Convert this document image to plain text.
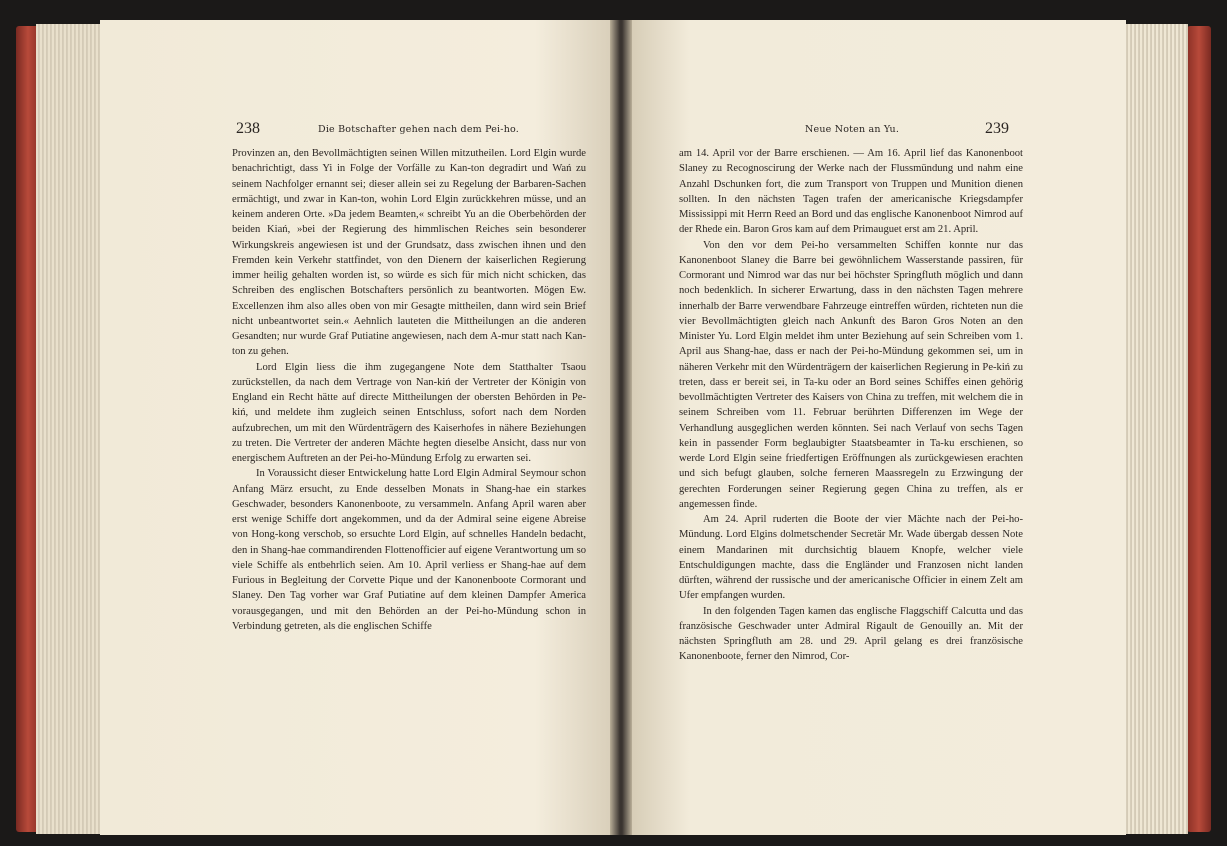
238	Die Botschafter gehen nach dem Pei-ho.	Neue Noten an Yu.	239

Provinzen an, den Bevollmächtigten seinen Willen mitzutheilen. Lord Elgin wurde benachrichtigt, dass Yi in Folge der Vorfälle zu Kan-ton degradirt und Wań zu seinem Nachfolger ernannt sei; dieser allein sei zu Regelung der Barbaren-Sachen ermächtigt, und zwar in Kan-ton, wohin Lord Elgin zurückkehren müsse, und an keinem anderen Orte. »Da jedem Beamten,« schreibt Yu an die Oberbehörden der beiden Kiań, »bei der Regierung des himmlischen Reiches sein besonderer Wirkungskreis angewiesen ist und der Grundsatz, dass zwischen ihnen und den Fremden kein Verkehr stattfindet, von den Dienern der kaiserlichen Regierung immer heilig gehalten worden ist, so würde es sich für mich nicht schicken, das Schreiben des englischen Botschafters persönlich zu beantworten. Mögen Ew. Excellenzen ihm also alles oben von mir Gesagte mittheilen, dann wird sein Brief nicht unbeantwortet sein.« Aehnlich lauteten die Mittheilungen an die anderen Gesandten; nur wurde Graf Putiatine angewiesen, nach dem A-mur statt nach Kan-ton zu gehen.

Lord Elgin liess die ihm zugegangene Note dem Statthalter Tsaou zurückstellen, da nach dem Vertrage von Nan-kiń der Vertreter der Königin von England ein Recht hätte auf directe Mittheilungen der obersten Behörden in Pe-kiń, und meldete ihm zugleich seinen Entschluss, sofort nach dem Norden aufzubrechen, um mit den Würdenträgern des Kaiserhofes in nähere Beziehungen zu treten. Die Vertreter der anderen Mächte hegten dieselbe Ansicht, dass nur von energischem Auftreten an der Pei-ho-Mündung Erfolg zu erwarten sei.

In Voraussicht dieser Entwickelung hatte Lord Elgin Admiral Seymour schon Anfang März ersucht, zu Ende desselben Monats in Shang-hae ein starkes Geschwader, besonders Kanonenboote, zu versammeln. Anfang April waren aber erst wenige Schiffe dort angekommen, und da der Admiral seine eigene Abreise von Hong-kong verschob, so ersuchte Lord Elgin, auf schnelles Handeln bedacht, den in Shang-hae commandirenden Flottenofficier auf eigene Verantwortung um so viele Schiffe als entbehrlich seien. Am 10. April verliess er Shang-hae auf dem Furious in Begleitung der Corvette Pique und der Kanonenboote Cormorant und Slaney. Den Tag vorher war Graf Putiatine auf dem kleinen Dampfer America vorausgegangen, und mit den Behörden an der Pei-ho-Mündung schon in Verbindung getreten, als die englischen Schiffe

am 14. April vor der Barre erschienen. — Am 16. April lief das Kanonenboot Slaney zu Recognoscirung der Werke nach der Flussmündung und nahm eine Anzahl Dschunken fort, die zum Transport von Truppen und Munition dienen sollten. In den nächsten Tagen trafen der americanische Kriegsdampfer Mississippi mit Herrn Reed an Bord und das englische Kanonenboot Nimrod auf der Rhede ein. Baron Gros kam auf dem Primauguet erst am 21. April.

Von den vor dem Pei-ho versammelten Schiffen konnte nur das Kanonenboot Slaney die Barre bei gewöhnlichem Wasserstande passiren, für Cormorant und Nimrod war das nur bei höchster Springfluth möglich und dann noch bedenklich. In sicherer Erwartung, dass in den nächsten Tagen mehrere innerhalb der Barre verwendbare Fahrzeuge eintreffen würden, richteten nun die vier Bevollmächtigten gleich nach Ankunft des Baron Gros Noten an den Minister Yu. Lord Elgin meldet ihm unter Beziehung auf sein Schreiben vom 1. April aus Shang-hae, dass er nach der Pei-ho-Mündung gekommen sei, um in näheren Verkehr mit den Würdenträgern der kaiserlichen Regierung in Pe-kiń zu treten, dass er bereit sei, in Ta-ku oder an Bord seines Schiffes einen gehörig bevollmächtigten Vertreter des Kaisers von China zu treffen, mit welchem die in seinem Schreiben vom 11. Februar berührten Differenzen im Wege der Verhandlung ausgeglichen werden könnten. Sei nach Verlauf von sechs Tagen kein in passender Form beglaubigter Staatsbeamter in Ta-ku erschienen, so werde Lord Elgin seine friedfertigen Eröffnungen als zurückgewiesen erachten und sich befugt glauben, solche ferneren Maassregeln zu Erzwingung der gerechten Forderungen seiner Regierung gegen China zu treffen, als er angemessen finde.

Am 24. April ruderten die Boote der vier Mächte nach der Pei-ho-Mündung. Lord Elgins dolmetschender Secretär Mr. Wade übergab dessen Note einem Mandarinen mit durchsichtig blauem Knopfe, welcher viele Entschuldigungen machte, dass die Engländer und Franzosen nicht landen dürften, während der russische und der americanische Officier in einem Zelt am Ufer empfangen wurden.

In den folgenden Tagen kamen das englische Flaggschiff Calcutta und das französische Geschwader unter Admiral Rigault de Genouilly an. Mit der nächsten Springfluth am 28. und 29. April gelang es drei französische Kanonenboote, ferner den Nimrod, Cor-
